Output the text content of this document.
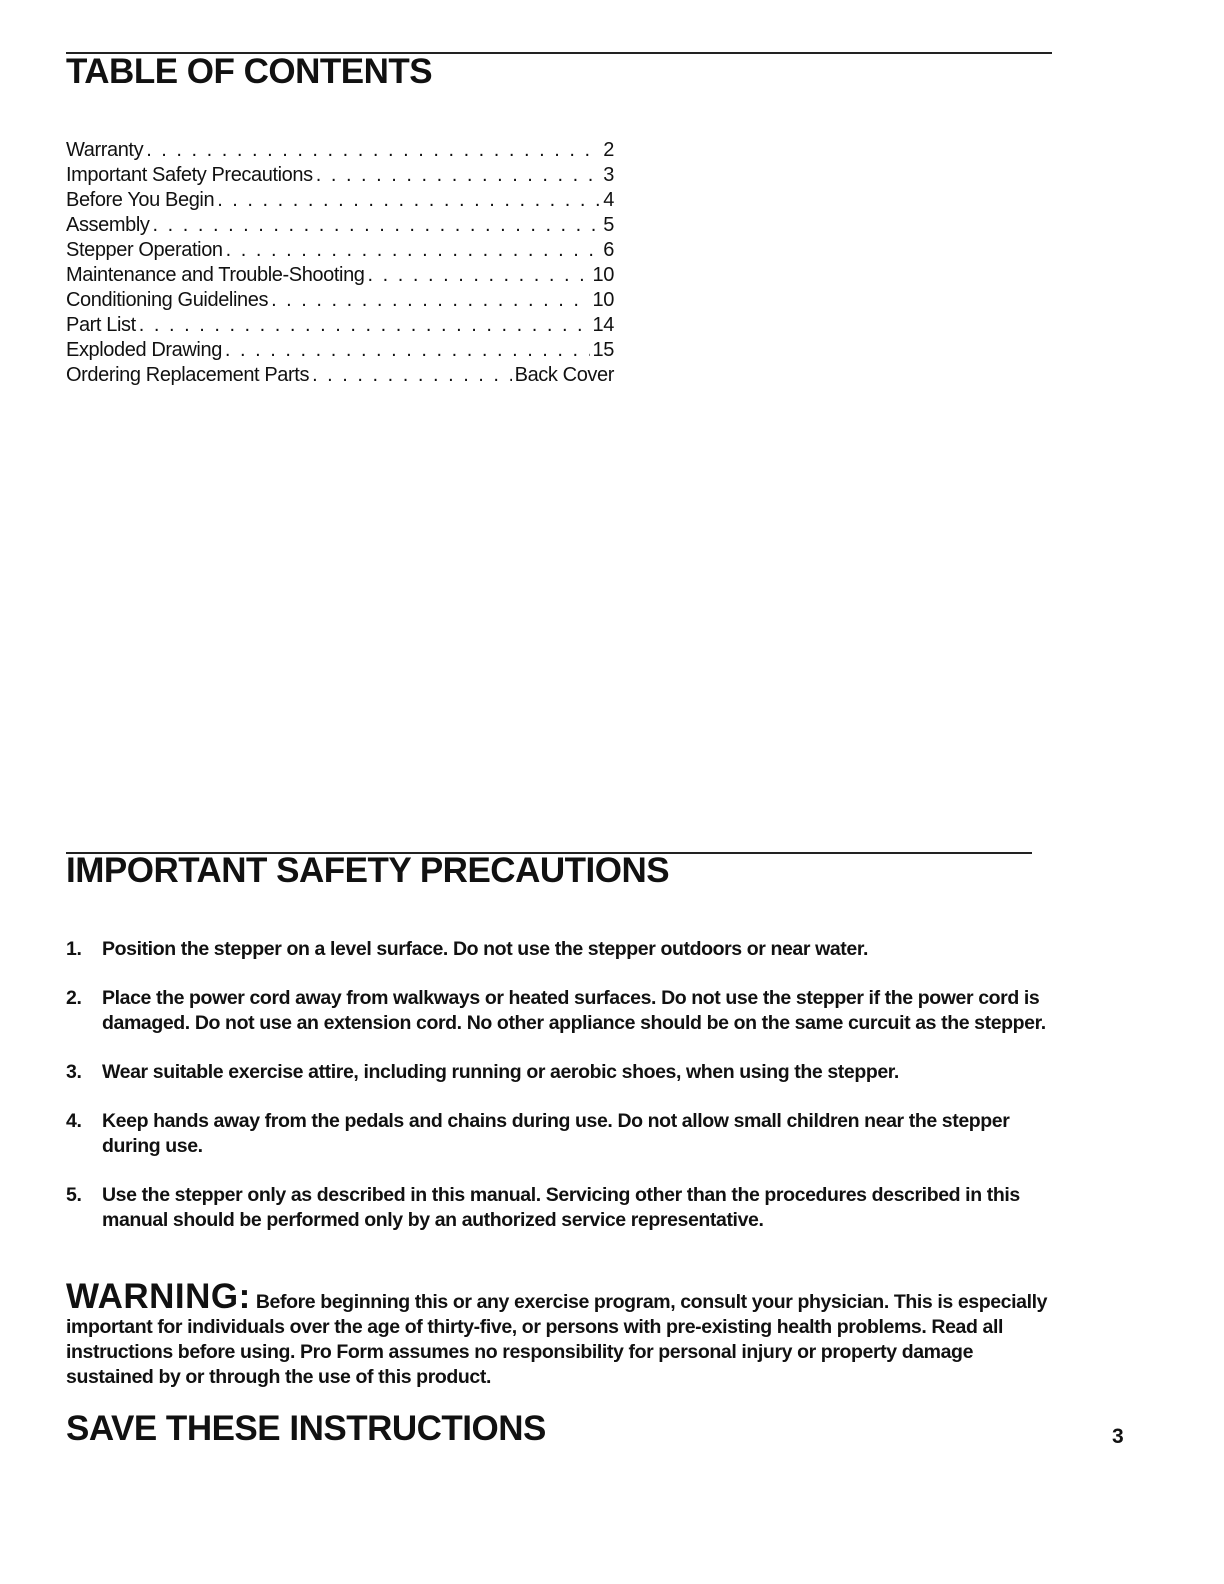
TABLE OF CONTENTS
Warranty . . .	2
Important Safety Precautions . . .	3
Before You Begin . . .	4
Assembly . . .	5
Stepper Operation . . .	6
Maintenance and Trouble-Shooting . . .	10
Conditioning Guidelines . . .	10
Part List . . .	14
Exploded Drawing . . .	15
Ordering Replacement Parts . . .	Back Cover
IMPORTANT SAFETY PRECAUTIONS
1.	Position the stepper on a level surface. Do not use the stepper outdoors or near water.
2.	Place the power cord away from walkways or heated surfaces. Do not use the stepper if the power cord is damaged. Do not use an extension cord. No other appliance should be on the same curcuit as the stepper.
3.	Wear suitable exercise attire, including running or aerobic shoes, when using the stepper.
4.	Keep hands away from the pedals and chains during use. Do not allow small children near the stepper during use.
5.	Use the stepper only as described in this manual. Servicing other than the procedures described in this manual should be performed only by an authorized service representative.

WARNING: Before beginning this or any exercise program, consult your physician. This is especially important for individuals over the age of thirty-five, or persons with pre-existing health problems. Read all instructions before using. Pro Form assumes no responsibility for personal injury or property damage sustained by or through the use of this product.

SAVE THESE INSTRUCTIONS	3
